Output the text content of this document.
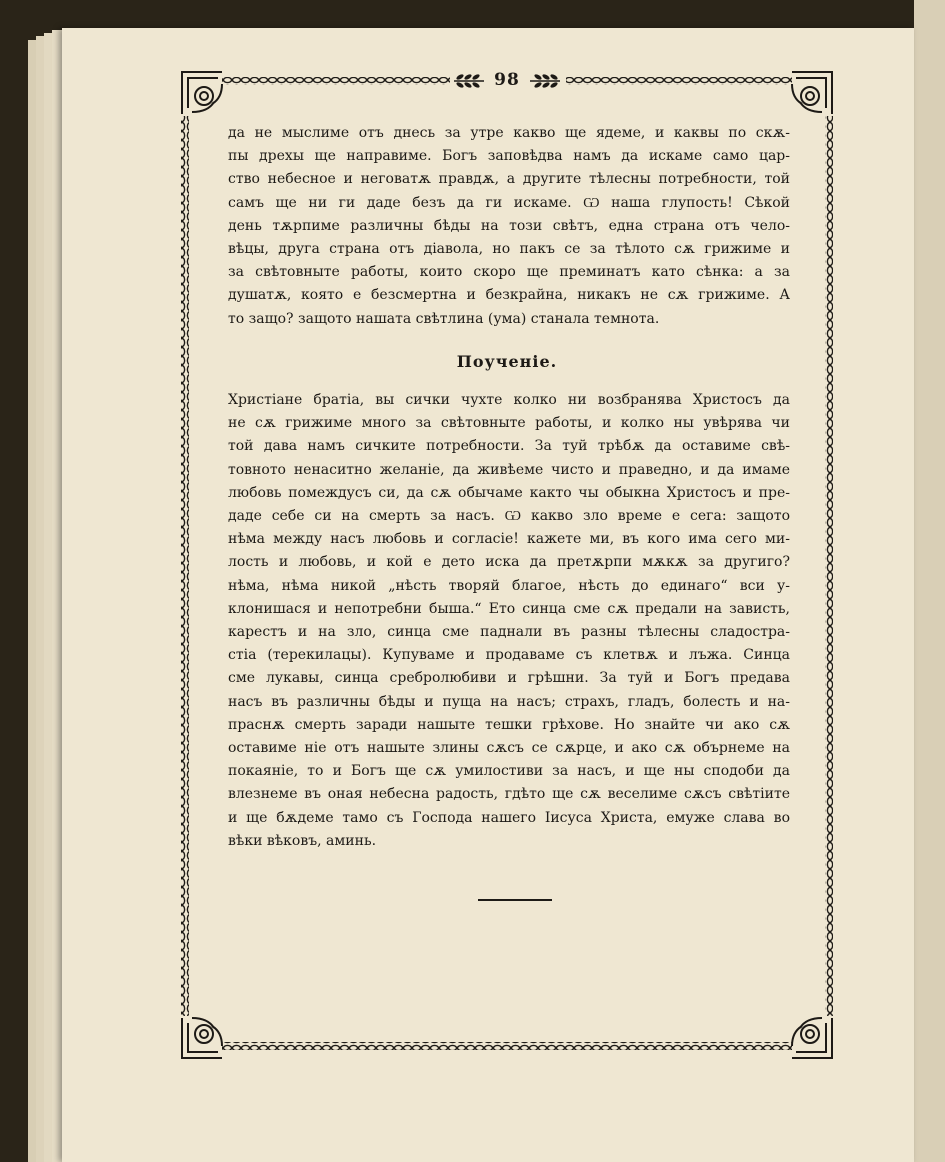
98
да не мыслиме отъ днесь за утре какво ще ядеме, и каквы по скѫ-
пы дрехы ще направиме. Богъ заповѣдва намъ да искаме само цар-
ство небесное и неговатѫ правдѫ, а другите тѣлесны потребности, той
самъ ще ни ги даде безъ да ги искаме. Ѡ наша глупость! Сѣкой
день тѫрпиме различны бѣды на този свѣтъ, една страна отъ чело-
вѣцы, друга страна отъ діавола, но пакъ се за тѣлото сѫ грижиме и
за свѣтовныте работы, които скоро ще преминатъ като сѣнка: а за
душатѫ, която е безсмертна и безкрайна, никакъ не сѫ грижиме. А
то защо? защото нашата свѣтлина (ума) станала темнота.
Поученіе.
Христіане братіа, вы сички чухте колко ни возбранява Христосъ да
не сѫ грижиме много за свѣтовныте работы, и колко ны увѣрява чи
той дава намъ сичките потребности. За туй трѣбѫ да оставиме свѣ-
товното ненаситно желаніе, да живѣеме чисто и праведно, и да имаме
любовь помеждусъ си, да сѫ обычаме както чы обыкна Христосъ и пре-
даде себе си на смерть за насъ. Ѡ какво зло време е сега: защото
нѣма между насъ любовь и согласіе! кажете ми, въ кого има сего ми-
лость и любовь, и кой е дето иска да претѫрпи мѫкѫ за другиго?
нѣма, нѣма никой „нѣсть творяй благое, нѣсть до единаго“ вси у-
клонишася и непотребни быша.“ Ето синца сме сѫ предали на зависть,
карестъ и на зло, синца сме паднали въ разны тѣлесны сладостра-
стіа (терекилацы). Купуваме и продаваме съ клетвѫ и лъжа. Синца
сме лукавы, синца сребролюбиви и грѣшни. За туй и Богъ предава
насъ въ различны бѣды и пуща на насъ; страхъ, гладъ, болесть и на-
праснѫ смерть заради нашыте тешки грѣхове. Но знайте чи ако сѫ
оставиме ніе отъ нашыте злины сѫсъ се сѫрце, и ако сѫ обърнеме на
покаяніе, то и Богъ ще сѫ умилостиви за насъ, и ще ны сподоби да
влезнеме въ оная небесна радость, гдѣто ще сѫ веселиме сѫсъ свѣтіите
и ще бѫдеме тамо съ Господа нашего Іисуса Христа, емуже слава во
вѣки вѣковъ, аминь.
